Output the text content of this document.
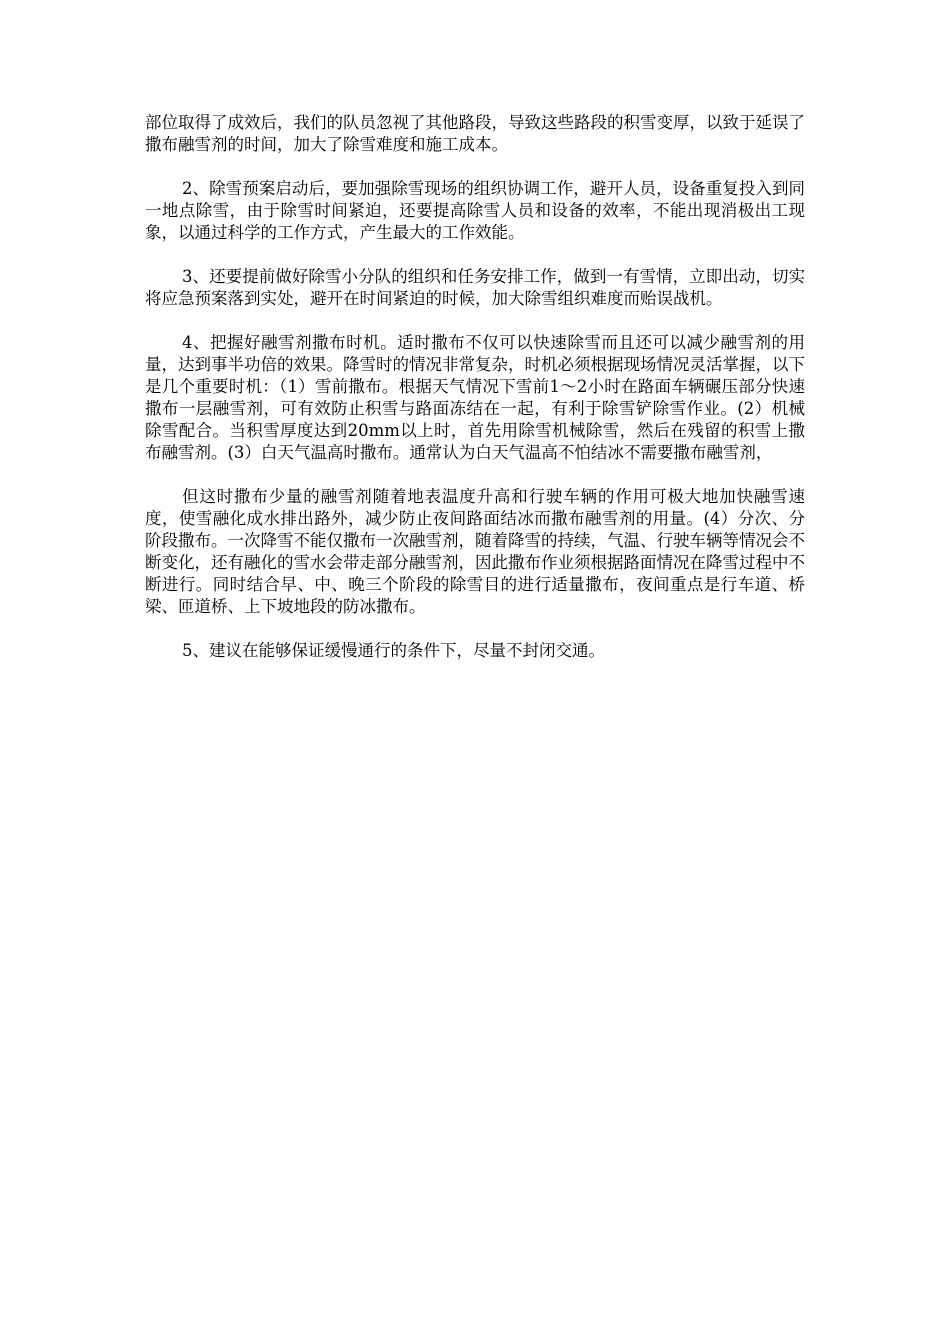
部位取得了成效后，我们的队员忽视了其他路段，导致这些路段的积雪变厚，以致于延误了撒布融雪剂的时间，加大了除雪难度和施工成本。

2、除雪预案启动后，要加强除雪现场的组织协调工作，避开人员，设备重复投入到同一地点除雪，由于除雪时间紧迫，还要提高除雪人员和设备的效率，不能出现消极出工现象，以通过科学的工作方式，产生最大的工作效能。

3、还要提前做好除雪小分队的组织和任务安排工作，做到一有雪情，立即出动，切实将应急预案落到实处，避开在时间紧迫的时候，加大除雪组织难度而贻误战机。

4、把握好融雪剂撒布时机。适时撒布不仅可以快速除雪而且还可以减少融雪剂的用量，达到事半功倍的效果。降雪时的情况非常复杂，时机必须根据现场情况灵活掌握，以下是几个重要时机：（1）雪前撒布。根据天气情况下雪前1～2小时在路面车辆碾压部分快速撒布一层融雪剂，可有效防止积雪与路面冻结在一起，有利于除雪铲除雪作业。(2）机械除雪配合。当积雪厚度达到20mm以上时，首先用除雪机械除雪，然后在残留的积雪上撒布融雪剂。(3）白天气温高时撒布。通常认为白天气温高不怕结冰不需要撒布融雪剂，

但这时撒布少量的融雪剂随着地表温度升高和行驶车辆的作用可极大地加快融雪速度，使雪融化成水排出路外，减少防止夜间路面结冰而撒布融雪剂的用量。(4）分次、分阶段撒布。一次降雪不能仅撒布一次融雪剂，随着降雪的持续，气温、行驶车辆等情况会不断变化，还有融化的雪水会带走部分融雪剂，因此撒布作业须根据路面情况在降雪过程中不断进行。同时结合早、中、晚三个阶段的除雪目的进行适量撒布，夜间重点是行车道、桥梁、匝道桥、上下坡地段的防冰撒布。

5、建议在能够保证缓慢通行的条件下，尽量不封闭交通。
